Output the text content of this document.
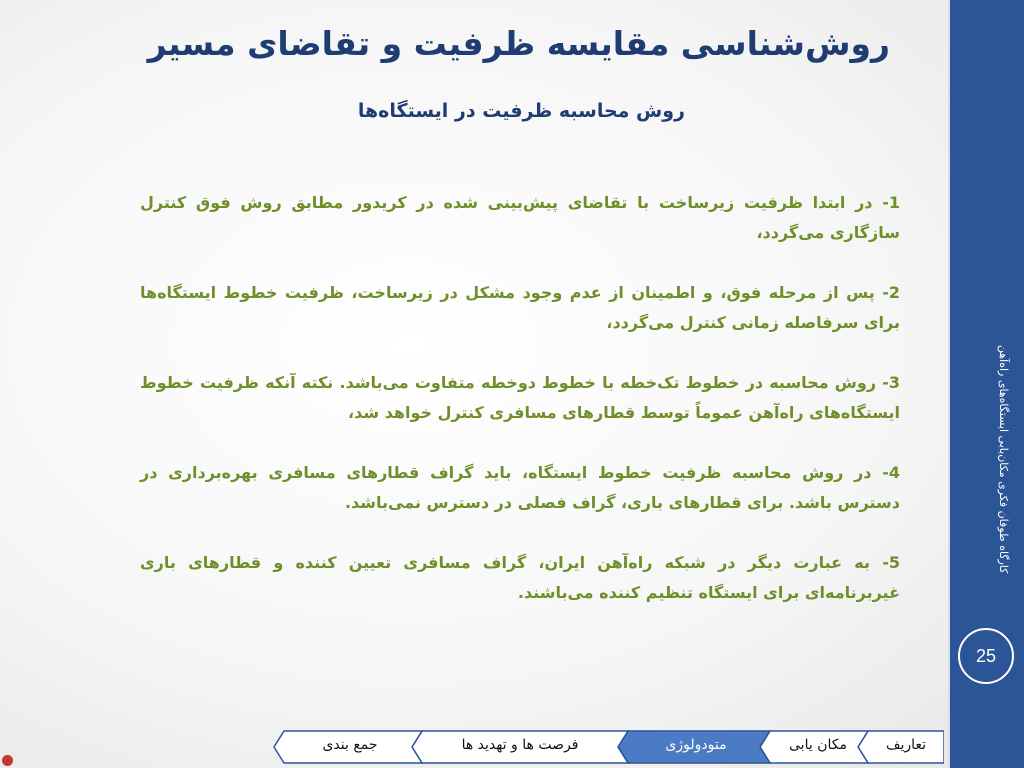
کارگاه طوفان فکری مکان‌یابی ایستگاه‌های راه‌آهن
25
روش‌شناسی مقایسه ظرفیت و تقاضای مسیر
روش محاسبه ظرفیت در ایستگاه‌ها

1- در ابتدا ظرفیت زیرساخت با تقاضای پیش‌بینی شده در کریدور مطابق روش فوق کنترل سازگاری می‌گردد،

2- پس از مرحله فوق، و اطمینان از عدم وجود مشکل در زیرساخت، ظرفیت خطوط ایستگاه‌ها برای سرفاصله زمانی کنترل می‌گردد،

3- روش محاسبه در خطوط تک‌خطه با خطوط دوخطه متفاوت می‌باشد. نکته آنکه ظرفیت خطوط ایستگاه‌های راه‌آهن عموماً توسط قطارهای مسافری کنترل خواهد شد،

4- در روش محاسبه ظرفیت خطوط ایستگاه، باید گراف قطارهای مسافری بهره‌برداری در دسترس باشد. برای قطارهای باری، گراف فصلی در دسترس نمی‌باشد.

5- به عبارت دیگر در شبکه راه‌آهن ایران، گراف مسافری تعیین کننده و قطارهای باری غیربرنامه‌ای برای ایستگاه تنظیم کننده می‌باشند.

تعاریف
مکان یابی
متودولوژی
فرصت ها و تهدید ها
جمع بندی
